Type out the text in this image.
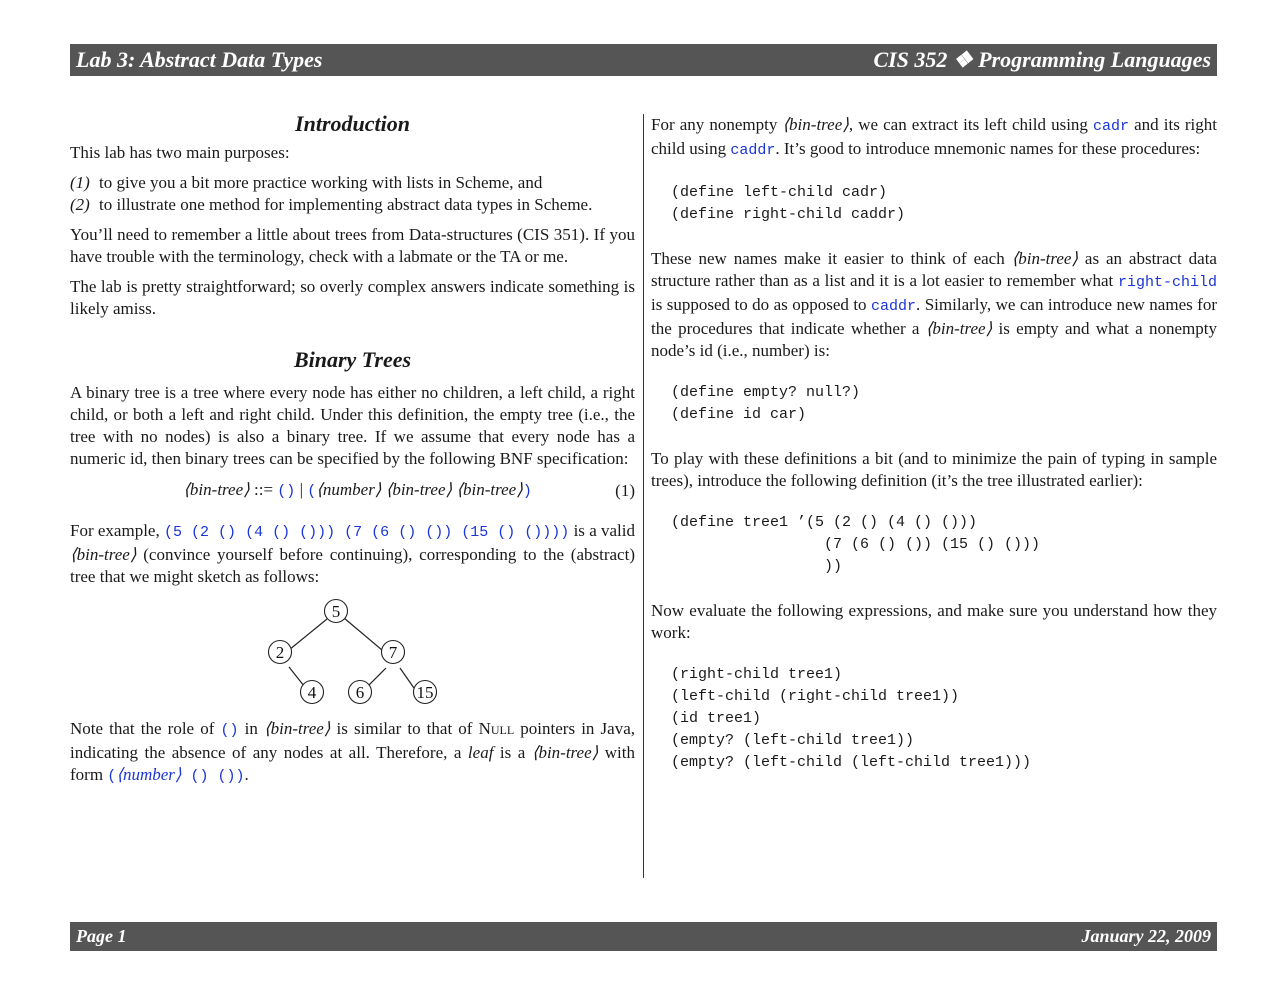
Lab 3: Abstract Data Types	CIS 352 ❖ Programming Languages
Introduction

This lab has two main purposes:

(1) to give you a bit more practice working with lists in Scheme, and
(2) to illustrate one method for implementing abstract data types in Scheme.

You’ll need to remember a little about trees from Data-structures (CIS 351). If you have trouble with the terminology, check with a labmate or the TA or me.

The lab is pretty straightforward; so overly complex answers indicate something is likely amiss.

Binary Trees

A binary tree is a tree where every node has either no children, a left child, a right child, or both a left and right child. Under this definition, the empty tree (i.e., the tree with no nodes) is also a binary tree. If we assume that every node has a numeric id, then binary trees can be specified by the following BNF specification:

⟨bin-tree⟩ ::= () | (⟨number⟩ ⟨bin-tree⟩ ⟨bin-tree⟩)	(1)

For example, (5 (2 () (4 () ())) (7 (6 () ()) (15 () ()))) is a valid ⟨bin-tree⟩ (convince yourself before continuing), corresponding to the (abstract) tree that we might sketch as follows:

5
2	7
4 6	15

Note that the role of () in ⟨bin-tree⟩ is similar to that of Null pointers in Java, indicating the absence of any nodes at all. Therefore, a leaf is a ⟨bin-tree⟩ with form (⟨number⟩ () ()).

For any nonempty ⟨bin-tree⟩, we can extract its left child using cadr and its right child using caddr. It’s good to introduce mnemonic names for these procedures:

(define left-child cadr)
(define right-child caddr)

These new names make it easier to think of each ⟨bin-tree⟩ as an abstract data structure rather than as a list and it is a lot easier to remember what right-child is supposed to do as opposed to caddr. Similarly, we can introduce new names for the procedures that indicate whether a ⟨bin-tree⟩ is empty and what a nonempty node’s id (i.e., number) is:

(define empty? null?)
(define id car)

To play with these definitions a bit (and to minimize the pain of typing in sample trees), introduce the following definition (it’s the tree illustrated earlier):

(define tree1 ’(5 (2 () (4 () ()))
(7 (6 () ()) (15 () ()))
))

Now evaluate the following expressions, and make sure you understand how they work:

(right-child tree1)
(left-child (right-child tree1))
(id tree1)
(empty? (left-child tree1))
(empty? (left-child (left-child tree1)))
Page 1	January 22, 2009
